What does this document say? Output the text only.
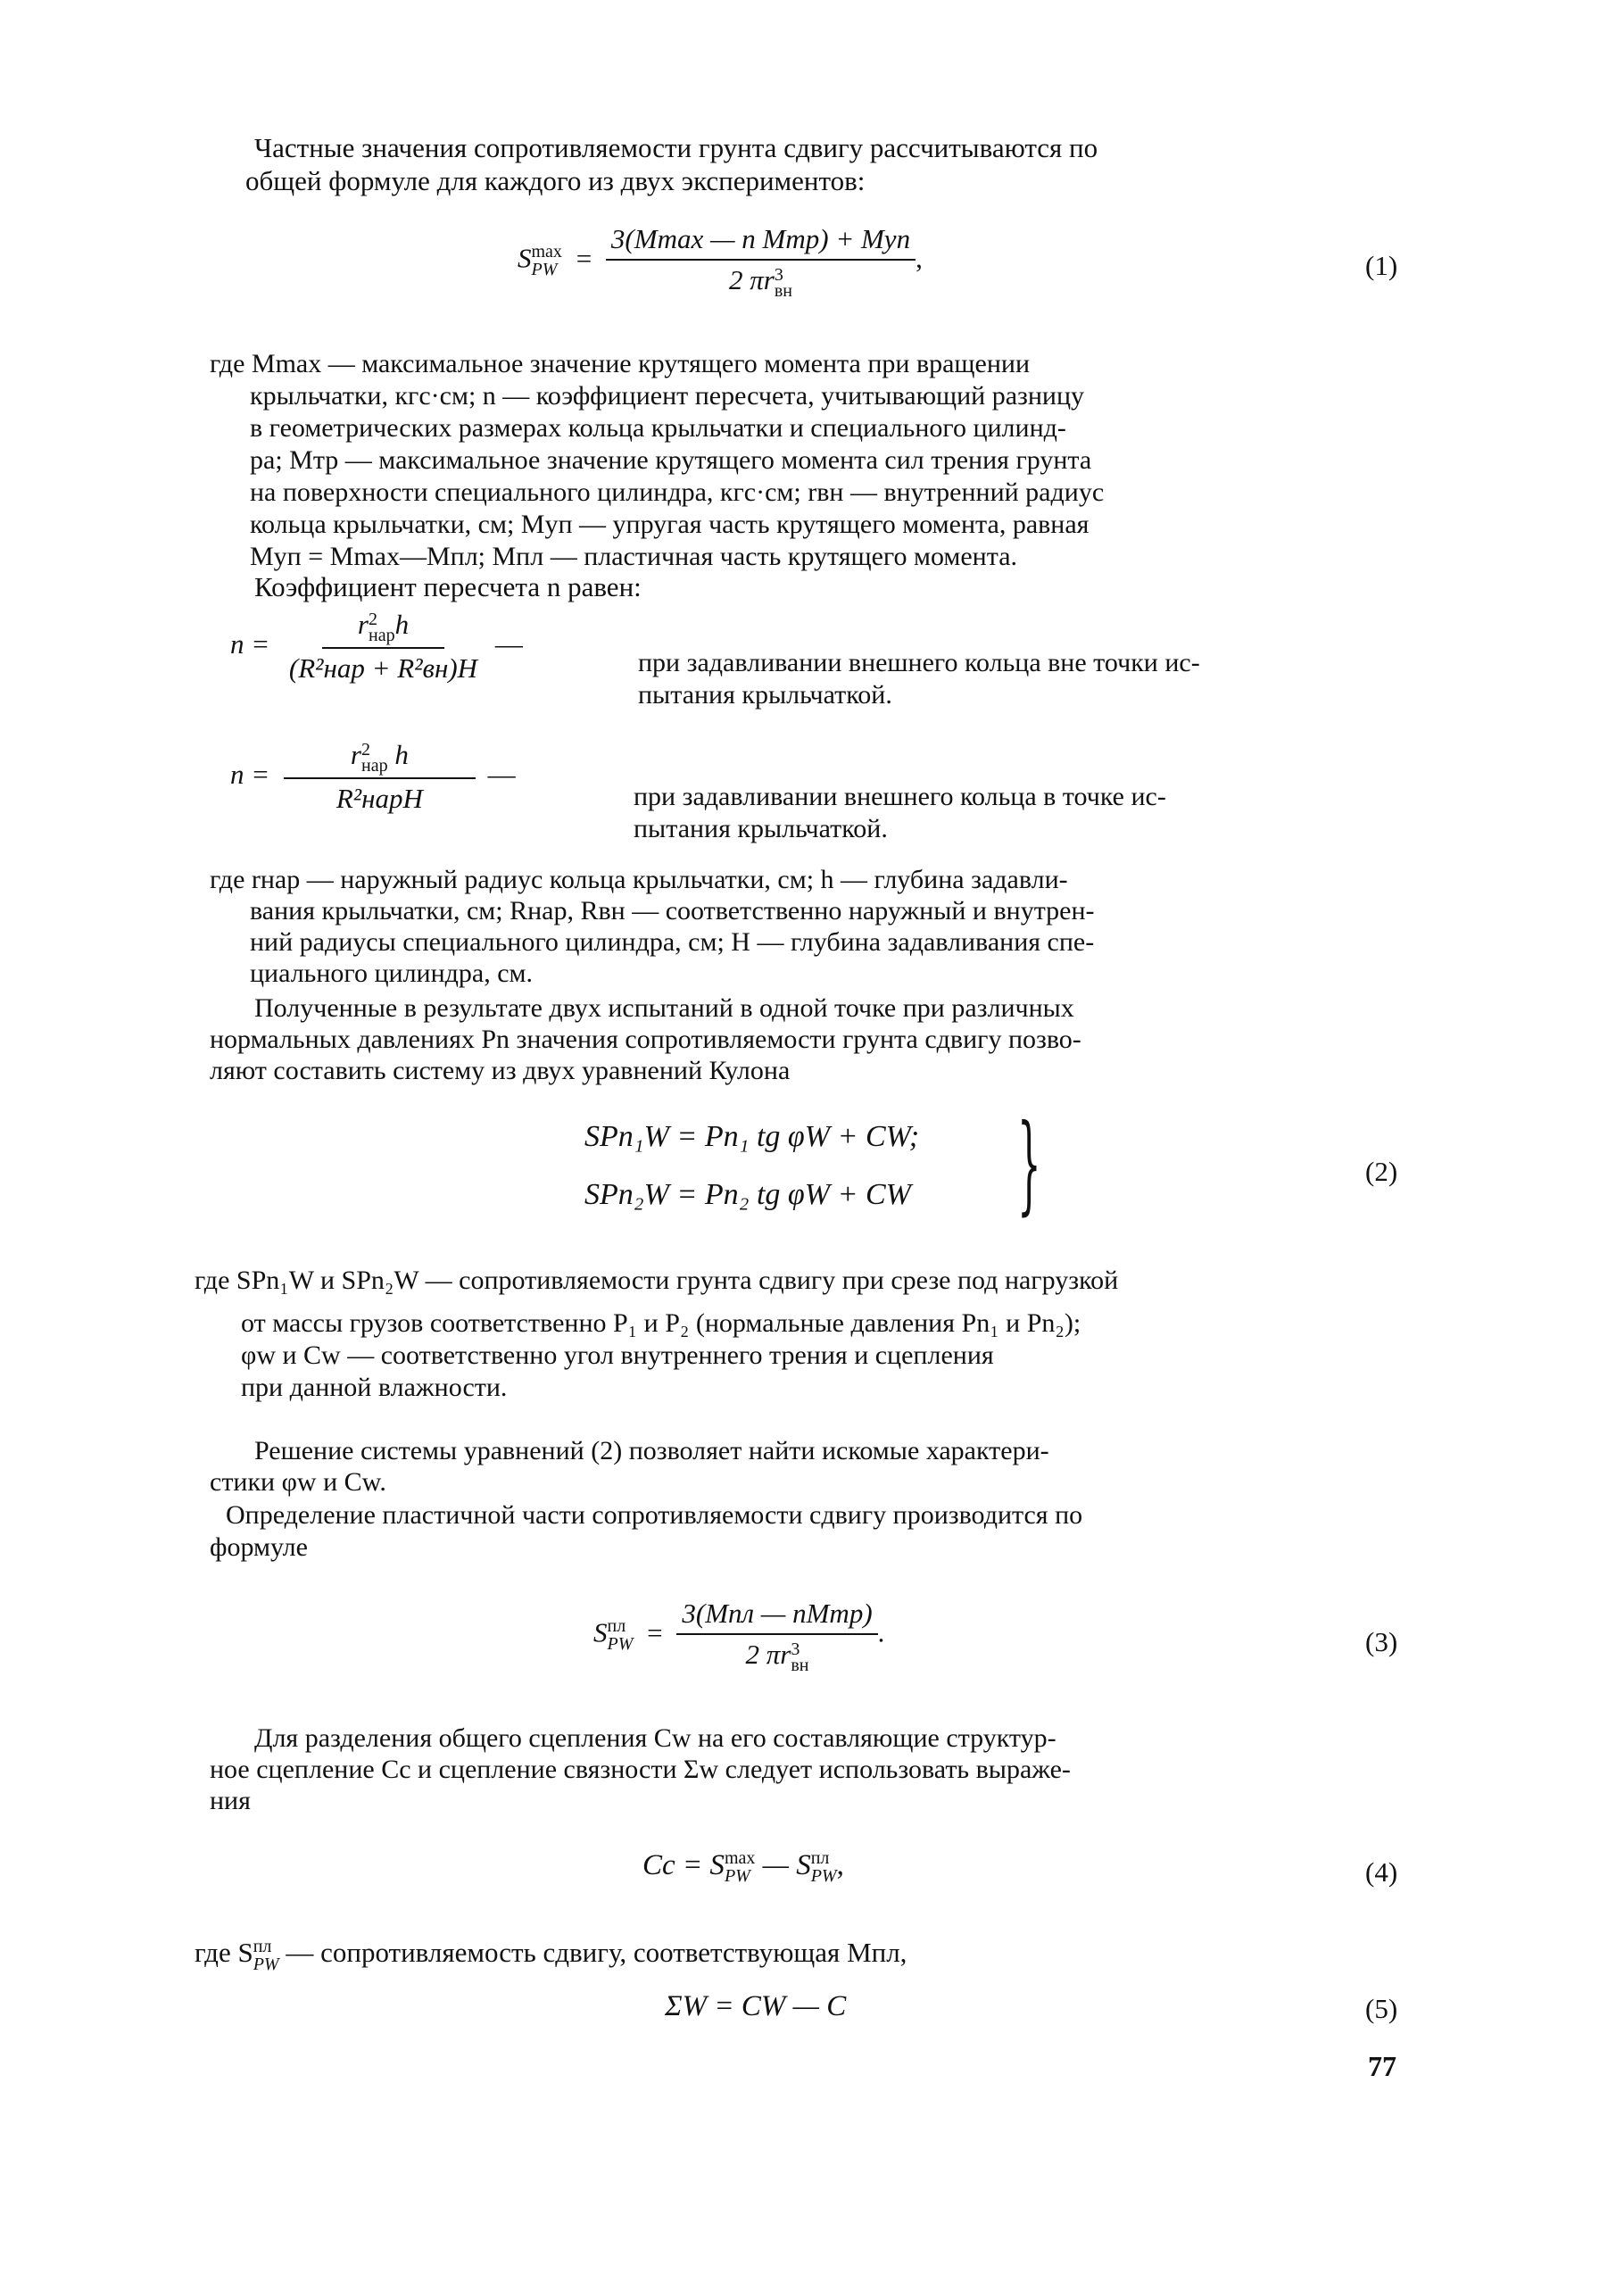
Частные значения сопротивляемости грунта сдвигу рассчитываются по
общей формуле для каждого из двух экспериментов:
S max
PW = 3(Mmax — n Mтр) + Mуп
2 πr 3
вн ,	(1)
где Mmax — максимальное значение крутящего момента при вращении
крыльчатки, кгс·см; n — коэффициент пересчета, учитывающий разницу
в геометрических размерах кольца крыльчатки и специального цилинд-
ра; Mтр — максимальное значение крутящего момента сил трения грунта
на поверхности специального цилиндра, кгс·см; rвн — внутренний радиус
кольца крыльчатки, см; Mуп — упругая часть крутящего момента, равная
Mуп = Mmax—Mпл; Mпл — пластичная часть крутящего момента.
Коэффициент пересчета n равен:
n = r 2
нар h
(R²нар + R²вн)H —
при задавливании внешнего кольца вне точки ис-
пытания крыльчаткой.
n = r 2
нар h
R²нарH —
при задавливании внешнего кольца в точке ис-
пытания крыльчаткой.
где rнар — наружный радиус кольца крыльчатки, см; h — глубина задавли-
вания крыльчатки, см; Rнар, Rвн — соответственно наружный и внутрен-
ний радиусы специального цилиндра, см; H — глубина задавливания спе-
циального цилиндра, см.
Полученные в результате двух испытаний в одной точке при различных
нормальных давлениях Pn значения сопротивляемости грунта сдвигу позво-
ляют составить систему из двух уравнений Кулона
SPn₁W = Pn₁ tg φW + CW;
SPn₂W = Pn₂ tg φW + CW }	(2)
где SPn₁W и SPn₂W — сопротивляемости грунта сдвигу при срезе под нагрузкой
от массы грузов соответственно P₁ и P₂ (нормальные давления Pn₁ и Pn₂);
φw и Cw — соответственно угол внутреннего трения и сцепления
при данной влажности.
Решение системы уравнений (2) позволяет найти искомые характери-
стики φw и Cw.
Определение пластичной части сопротивляемости сдвигу производится по
формуле
S пл
PW = 3(Mпл — nMтр)
2 πr 3
вн .	(3)
Для разделения общего сцепления Cw на его составляющие структур-
ное сцепление Cc и сцепление связности Σw следует использовать выраже-
ния
Cc = S max
PW — S пл
PW ,	(4)
где S пл
PW — сопротивляемость сдвигу, соответствующая Mпл,
ΣW = CW — C	(5)
77
